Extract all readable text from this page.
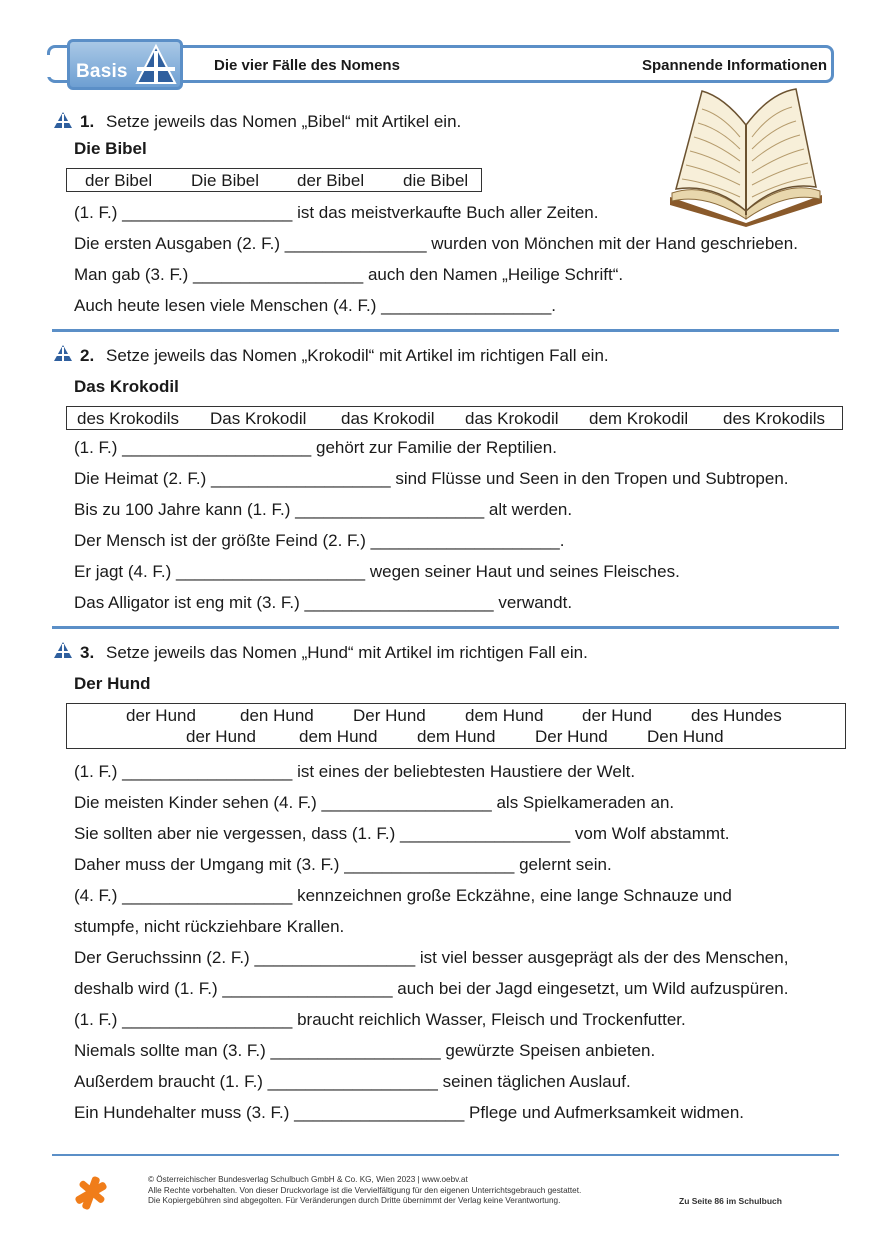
Basis	Die vier Fälle des Nomens	Spannende Informationen
1. Setze jeweils das Nomen „Bibel“ mit Artikel ein.
Die Bibel
der Bibel Die Bibel der Bibel die Bibel
(1. F.) __________________ ist das meistverkaufte Buch aller Zeiten.
Die ersten Ausgaben (2. F.) _______________ wurden von Mönchen mit der Hand geschrieben.
Man gab (3. F.) __________________ auch den Namen „Heilige Schrift“.
Auch heute lesen viele Menschen (4. F.) __________________.
2. Setze jeweils das Nomen „Krokodil“ mit Artikel im richtigen Fall ein.
Das Krokodil
des Krokodils Das Krokodil das Krokodil das Krokodil dem Krokodil des Krokodils
(1. F.) ____________________ gehört zur Familie der Reptilien.
Die Heimat (2. F.) ___________________ sind Flüsse und Seen in den Tropen und Subtropen.
Bis zu 100 Jahre kann (1. F.) ____________________ alt werden.
Der Mensch ist der größte Feind (2. F.) ____________________.
Er jagt (4. F.) ____________________ wegen seiner Haut und seines Fleisches.
Das Alligator ist eng mit (3. F.) ____________________ verwandt.
3. Setze jeweils das Nomen „Hund“ mit Artikel im richtigen Fall ein.
Der Hund
der Hund	den Hund Der Hund dem Hund der Hund des Hundes
der Hund	dem Hund dem Hund Der Hund Den Hund
(1. F.) __________________ ist eines der beliebtesten Haustiere der Welt.
Die meisten Kinder sehen (4. F.) __________________ als Spielkameraden an.
Sie sollten aber nie vergessen, dass (1. F.) __________________ vom Wolf abstammt.
Daher muss der Umgang mit (3. F.) __________________ gelernt sein.
(4. F.) __________________ kennzeichnen große Eckzähne, eine lange Schnauze und
stumpfe, nicht rückziehbare Krallen.
Der Geruchssinn (2. F.) _________________ ist viel besser ausgeprägt als der des Menschen,
deshalb wird (1. F.) __________________ auch bei der Jagd eingesetzt, um Wild aufzuspüren.
(1. F.) __________________ braucht reichlich Wasser, Fleisch und Trockenfutter.
Niemals sollte man (3. F.) __________________ gewürzte Speisen anbieten.
Außerdem braucht (1. F.) __________________ seinen täglichen Auslauf.
Ein Hundehalter muss (3. F.) __________________ Pflege und Aufmerksamkeit widmen.
© Österreichischer Bundesverlag Schulbuch GmbH & Co. KG, Wien 2023 | www.oebv.at
Alle Rechte vorbehalten. Von dieser Druckvorlage ist die Vervielfältigung für den eigenen Unterrichtsgebrauch gestattet.
Die Kopiergebühren sind abgegolten. Für Veränderungen durch Dritte übernimmt der Verlag keine Verantwortung.	Zu Seite 86 im Schulbuch
